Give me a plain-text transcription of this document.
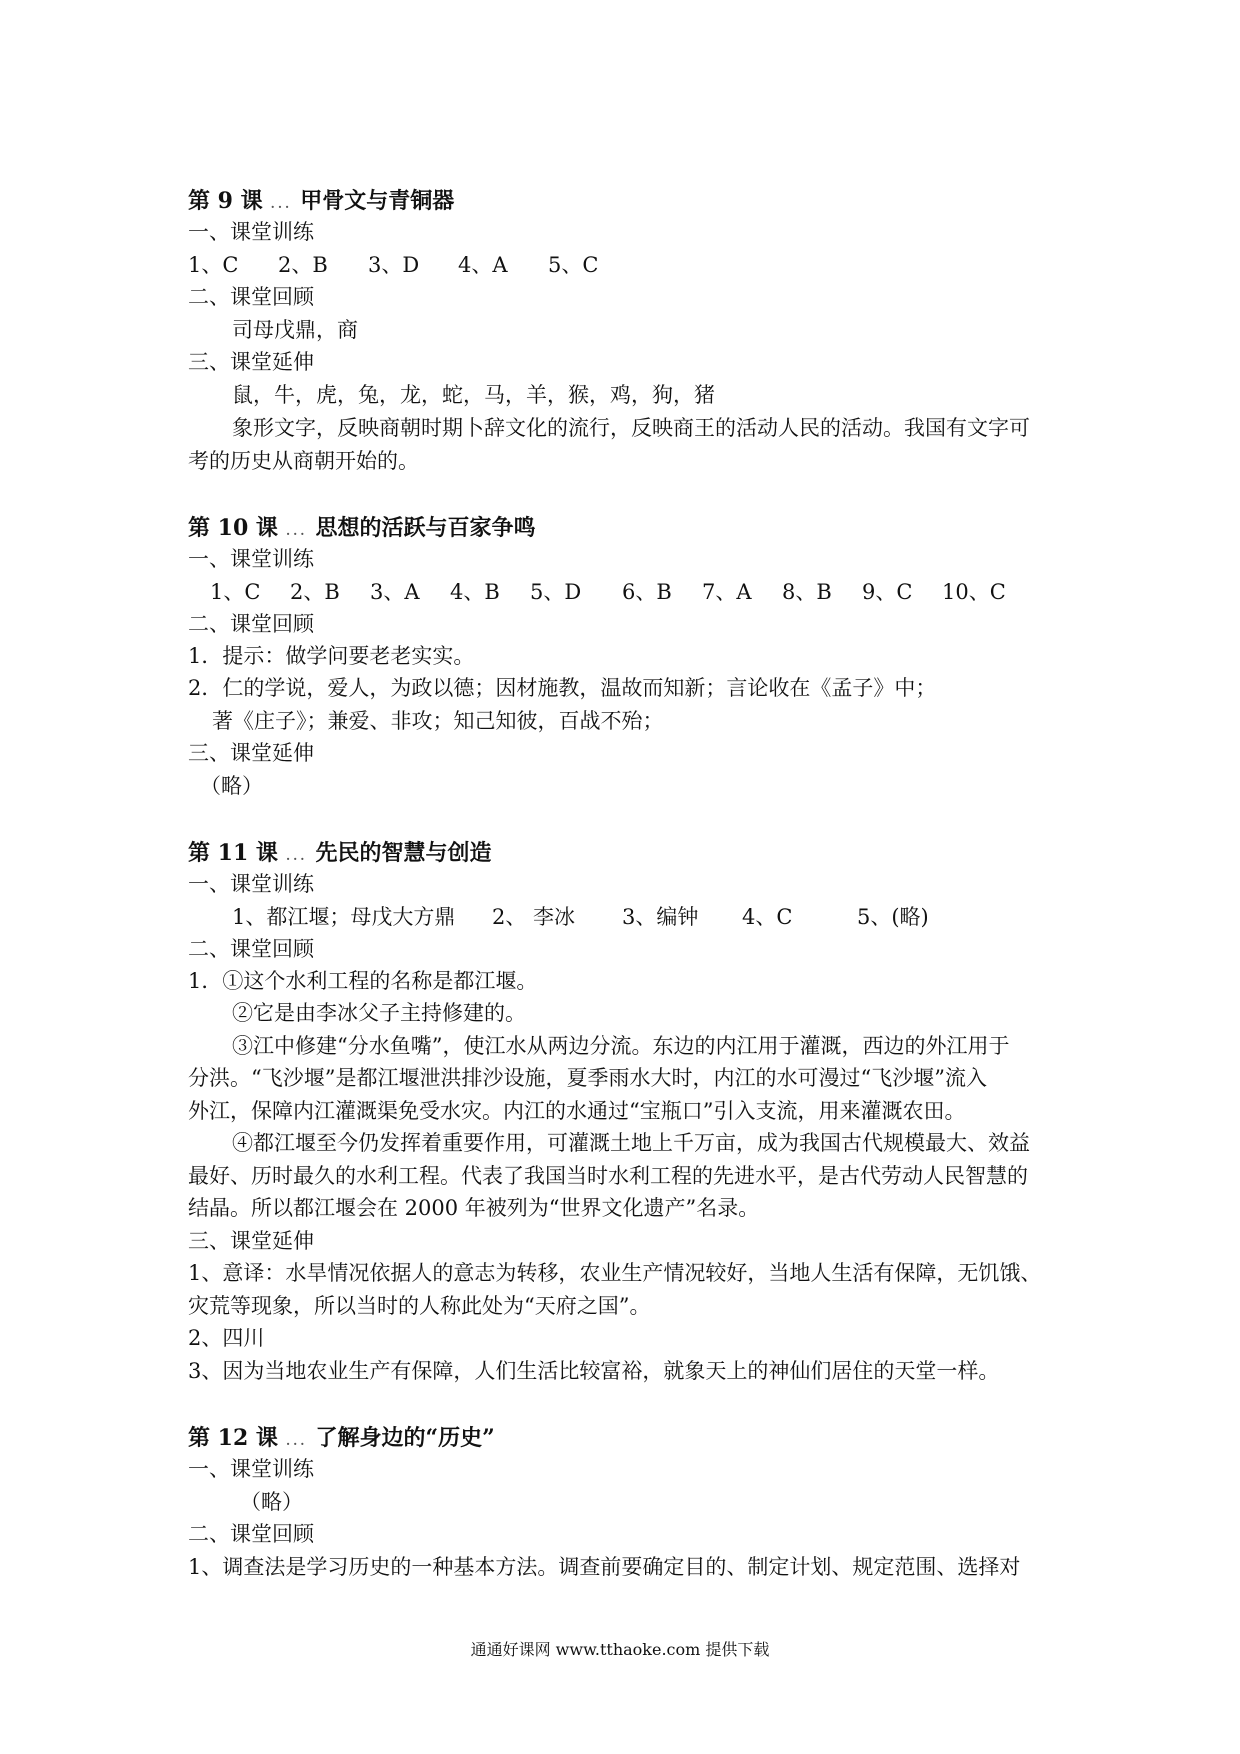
第 9 课 ... 甲骨文与青铜器
一、课堂训练
1、C	2、B	3、D	4、A	5、C
二、课堂回顾
司母戊鼎，商
三、课堂延伸
鼠，牛，虎，兔，龙，蛇，马，羊，猴，鸡，狗，猪
象形文字，反映商朝时期卜辞文化的流行，反映商王的活动人民的活动。我国有文字可
考的历史从商朝开始的。
第 10 课 ... 思想的活跃与百家争鸣
一、课堂训练
1、C	2、B	3、A	4、B	5、D	6、B	7、A	8、B	9、C	10、C
二、课堂回顾
1．提示：做学问要老老实实。
2．仁的学说，爱人，为政以德；因材施教，温故而知新；言论收在《孟子》中；
著《庄子》；兼爱、非攻；知己知彼，百战不殆；
三、课堂延伸
（略）
第 11 课 ... 先民的智慧与创造
一、课堂训练
1、都江堰；母戊大方鼎	2、 李冰	3、编钟	4、C	5、(略)
二、课堂回顾
1．①这个水利工程的名称是都江堰。
②它是由李冰父子主持修建的。
③江中修建“分水鱼嘴”，使江水从两边分流。东边的内江用于灌溉，西边的外江用于
分洪。“飞沙堰”是都江堰泄洪排沙设施，夏季雨水大时，内江的水可漫过“飞沙堰”流入
外江，保障内江灌溉渠免受水灾。内江的水通过“宝瓶口”引入支流，用来灌溉农田。
④都江堰至今仍发挥着重要作用，可灌溉土地上千万亩，成为我国古代规模最大、效益
最好、历时最久的水利工程。代表了我国当时水利工程的先进水平，是古代劳动人民智慧的
结晶。所以都江堰会在 2000 年被列为“世界文化遗产”名录。
三、课堂延伸
1、意译：水旱情况依据人的意志为转移，农业生产情况较好，当地人生活有保障，无饥饿、
灾荒等现象，所以当时的人称此处为“天府之国”。
2、四川
3、因为当地农业生产有保障，人们生活比较富裕，就象天上的神仙们居住的天堂一样。
第 12 课 ... 了解身边的“历史”
一、课堂训练
（略）
二、课堂回顾
1、调查法是学习历史的一种基本方法。调查前要确定目的、制定计划、规定范围、选择对
通通好课网 www.tthaoke.com 提供下载
